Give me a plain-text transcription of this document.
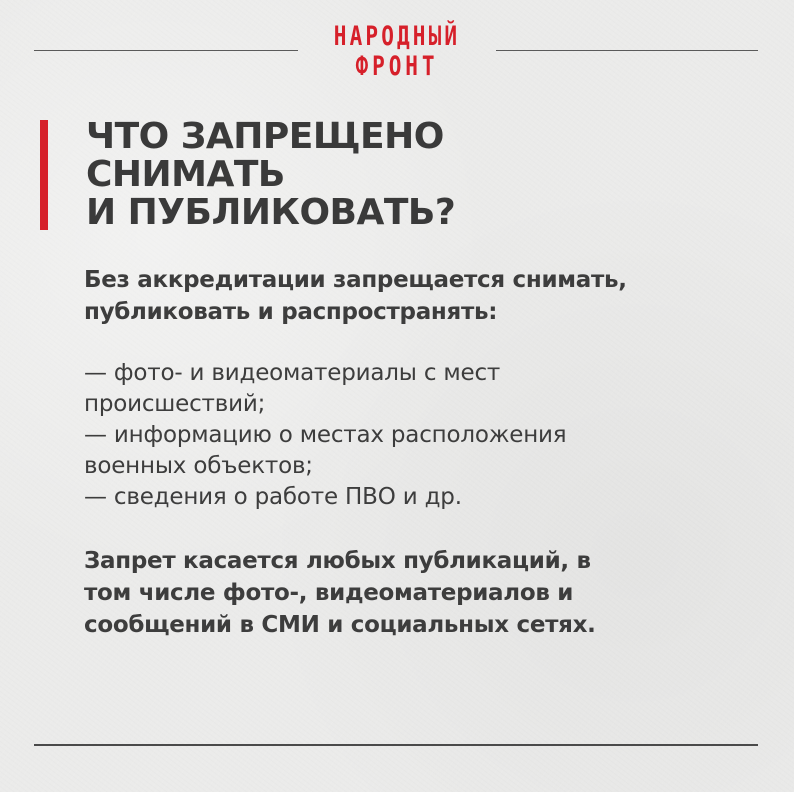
НАРОДНЫЙ
ФРОНТ
ЧТО ЗАПРЕЩЕНО
СНИМАТЬ
И ПУБЛИКОВАТЬ?

Без аккредитации запрещается снимать,
публиковать и распространять:

— фото- и видеоматериалы с мест
происшествий;
— информацию о местах расположения
военных объектов;
— сведения о работе ПВО и др.

Запрет касается любых публикаций, в
том числе фото-, видеоматериалов и
сообщений в СМИ и социальных сетях.
